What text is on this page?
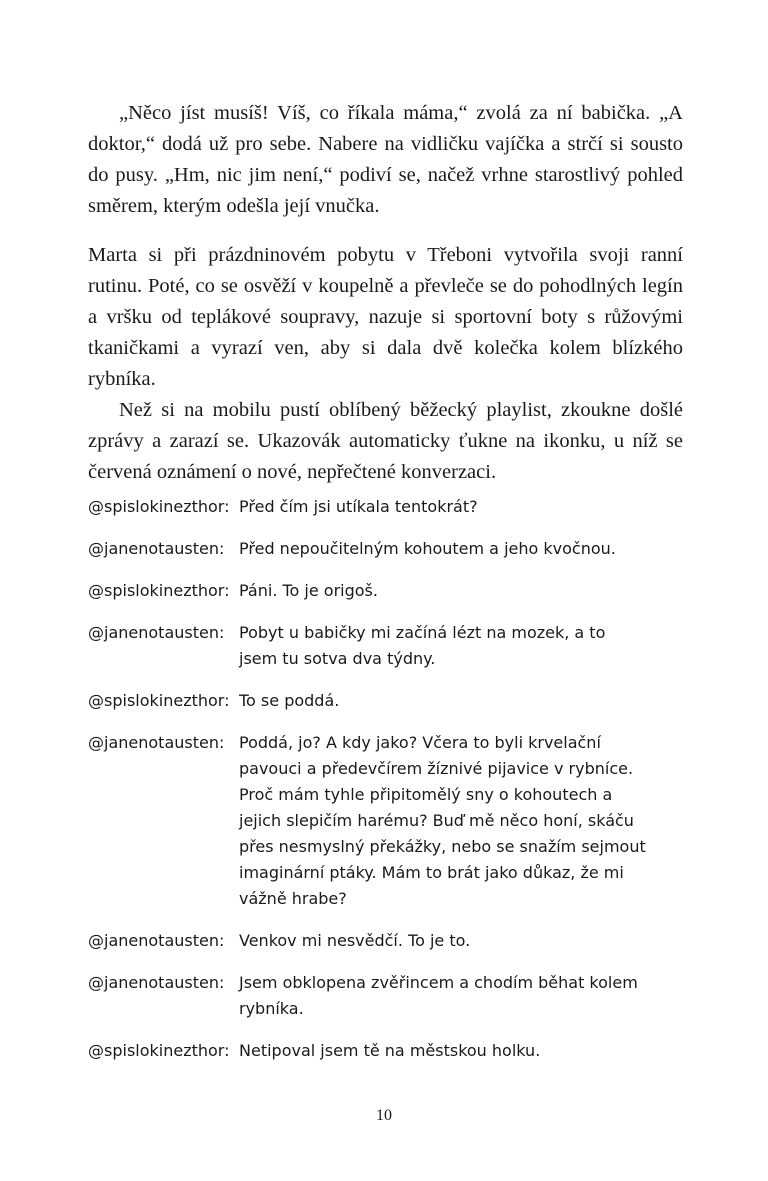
„Něco jíst musíš! Víš, co říkala máma,“ zvolá za ní babička. „A doktor,“ dodá už pro sebe. Nabere na vidličku vajíčka a strčí si sousto do pusy. „Hm, nic jim není,“ podiví se, načež vrhne starostlivý pohled směrem, kterým odešla její vnučka.

Marta si při prázdninovém pobytu v Třeboni vytvořila svoji ranní rutinu. Poté, co se osvěží v koupelně a převleče se do pohodlných legín a vršku od teplákové soupravy, nazuje si sportovní boty s růžovými tkaničkami a vyrazí ven, aby si dala dvě kolečka kolem blízkého rybníka.

Než si na mobilu pustí oblíbený běžecký playlist, zkoukne došlé zprávy a zarazí se. Ukazovák automaticky ťukne na ikonku, u níž se červená oznámení o nové, nepřečtené konverzaci.

@spislokinezthor: Před čím jsi utíkala tentokrát?
@janenotausten: Před nepoučitelným kohoutem a jeho kvočnou.
@spislokinezthor: Páni. To je origoš.
@janenotausten: Pobyt u babičky mi začíná lézt na mozek, a to jsem tu sotva dva týdny.
@spislokinezthor: To se poddá.
@janenotausten: Poddá, jo? A kdy jako? Včera to byli krvelační pavouci a předevčírem žíznivé pijavice v rybníce. Proč mám tyhle připitomělý sny o kohoutech a jejich slepičím harému? Buď mě něco honí, skáču přes nesmyslný překážky, nebo se snažím sejmout imaginární ptáky. Mám to brát jako důkaz, že mi vážně hrabe?
@janenotausten: Venkov mi nesvědčí. To je to.
@janenotausten: Jsem obklopena zvěřincem a chodím běhat kolem rybníka.
@spislokinezthor: Netipoval jsem tě na městskou holku.
10
